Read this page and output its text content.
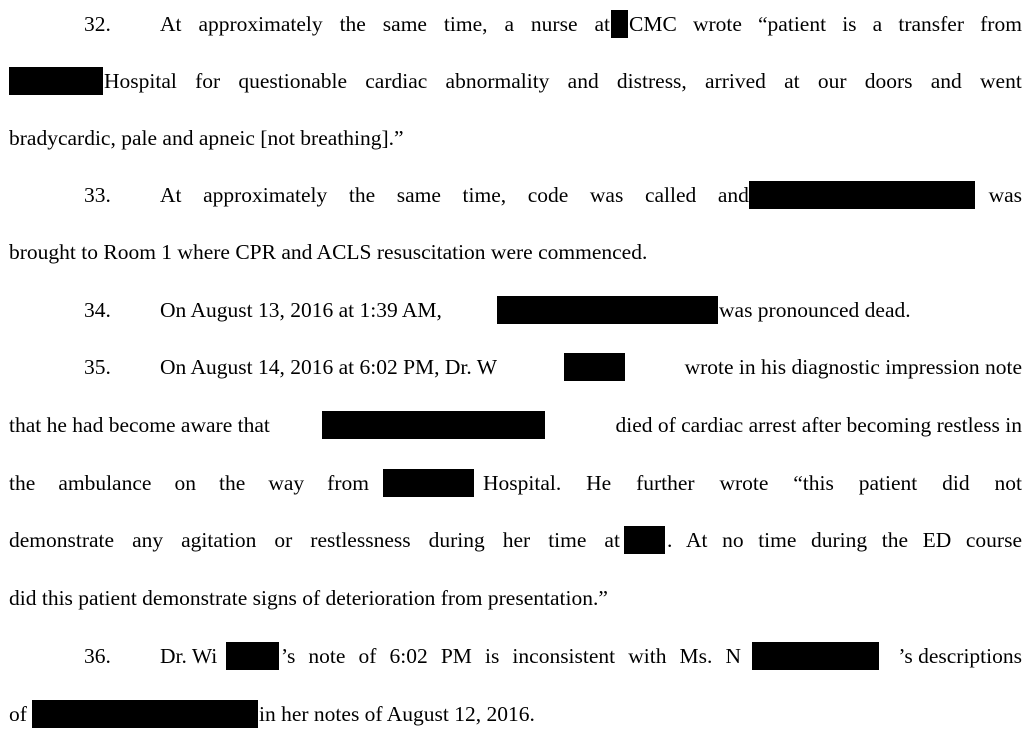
32. At approximately the same time, a nurse at CMC wrote “patient is a transfer from
Hospital for questionable cardiac abnormality and distress, arrived at our doors and went
bradycardic, pale and apneic [not breathing].”
33. At approximately the same time, code was called and	was
brought to Room 1 where CPR and ACLS resuscitation were commenced.
34. On August 13, 2016 at 1:39 AM,	was pronounced dead.
35. On August 14, 2016 at 6:02 PM, Dr. W	wrote in his diagnostic impression note
that he had become aware that	died of cardiac arrest after becoming restless in
the ambulance on the way from	Hospital. He further wrote “this patient did not
demonstrate any agitation or restlessness during her time at . At no time during the ED course
did this patient demonstrate signs of deterioration from presentation.”
36. Dr. Wi	’s note of 6:02 PM is inconsistent with Ms. N	’s descriptions
of	in her notes of August 12, 2016.
